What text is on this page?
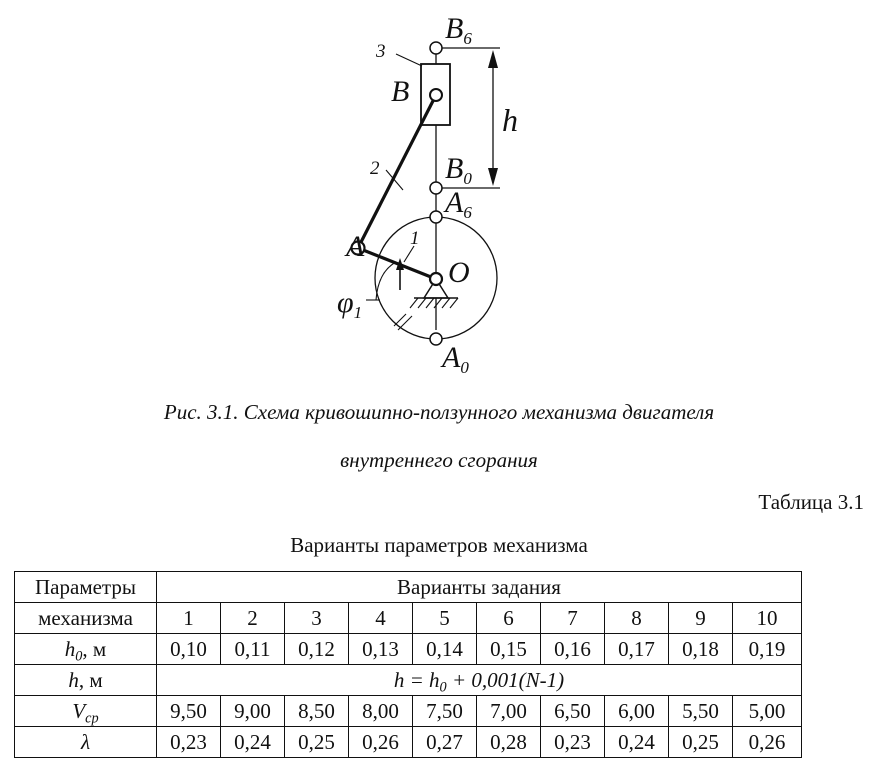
$B_6$
3
B
h
2 $B_0$
$A_6$
A 1
O
$\varphi_1$
$A_0$
Рис. 3.1. Схема кривошипно-ползунного механизма двигателя
внутреннего сгорания
Таблица 3.1
Варианты параметров механизма
Параметры	Варианты задания									
механизма	1	2	3	4	5	6	7	8	9	10
$h_0$, м	0,10	0,11	0,12	0,13	0,14	0,15	0,16	0,17	0,18	0,19
h, м	$h = h_0 + 0,001(N-1)$									
$V_{ср}$	9,50	9,00	8,50	8,00	7,50	7,00	6,50	6,00	5,50	5,00
λ	0,23	0,24	0,25	0,26	0,27	0,28	0,23	0,24	0,25	0,26
